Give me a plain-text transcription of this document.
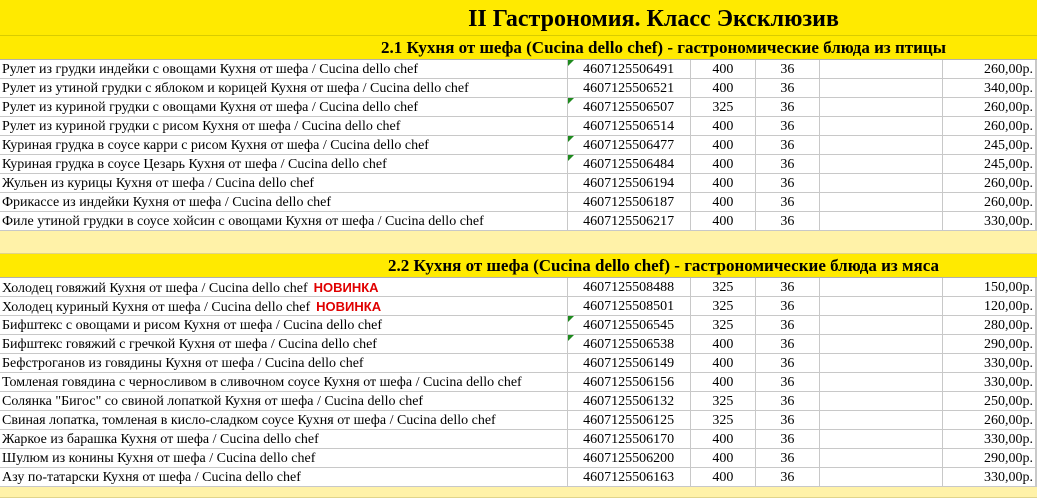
II Гастрономия. Класс Эксклюзив
2.1 Кухня от шефа (Cucina dello chef) - гастрономические блюда из птицы
Рулет из грудки индейки с овощами Кухня от шефа / Cucina dello chef	4607125506491	400	36	260,00р.
Рулет из утиной грудки с яблоком и корицей Кухня от шефа / Cucina dello chef	4607125506521	400	36	340,00р.
Рулет из куриной грудки с овощами Кухня от шефа / Cucina dello chef	4607125506507	325	36	260,00р.
Рулет из куриной грудки с рисом Кухня от шефа / Cucina dello chef	4607125506514	400	36	260,00р.
Куриная грудка в соусе карри с рисом Кухня от шефа / Cucina dello chef	4607125506477	400	36	245,00р.
Куриная грудка в соусе Цезарь Кухня от шефа / Cucina dello chef	4607125506484	400	36	245,00р.
Жульен из курицы Кухня от шефа / Cucina dello chef	4607125506194	400	36	260,00р.
Фрикассе из индейки Кухня от шефа / Cucina dello chef	4607125506187	400	36	260,00р.
Филе утиной грудки в соусе хойсин с овощами Кухня от шефа / Cucina dello chef	4607125506217	400	36	330,00р.
2.2 Кухня от шефа (Cucina dello chef) - гастрономические блюда из мяса
Холодец говяжий Кухня от шефа / Cucina dello chef НОВИНКА	4607125508488	325	36	150,00р.
Холодец куриный Кухня от шефа / Cucina dello chef НОВИНКА	4607125508501	325	36	120,00р.
Бифштекс с овощами и рисом Кухня от шефа / Cucina dello chef	4607125506545	325	36	280,00р.
Бифштекс говяжий с гречкой Кухня от шефа / Cucina dello chef	4607125506538	400	36	290,00р.
Бефстроганов из говядины Кухня от шефа / Cucina dello chef	4607125506149	400	36	330,00р.
Томленая говядина с черносливом в сливочном соусе Кухня от шефа / Cucina dello chef	4607125506156	400	36	330,00р.
Солянка "Бигос" со свиной лопаткой Кухня от шефа / Cucina dello chef	4607125506132	325	36	250,00р.
Свиная лопатка, томленая в кисло-сладком соусе Кухня от шефа / Cucina dello chef	4607125506125	325	36	260,00р.
Жаркое из барашка Кухня от шефа / Cucina dello chef	4607125506170	400	36	330,00р.
Шулюм из конины Кухня от шефа / Cucina dello chef	4607125506200	400	36	290,00р.
Азу по-татарски Кухня от шефа / Cucina dello chef	4607125506163	400	36	330,00р.
